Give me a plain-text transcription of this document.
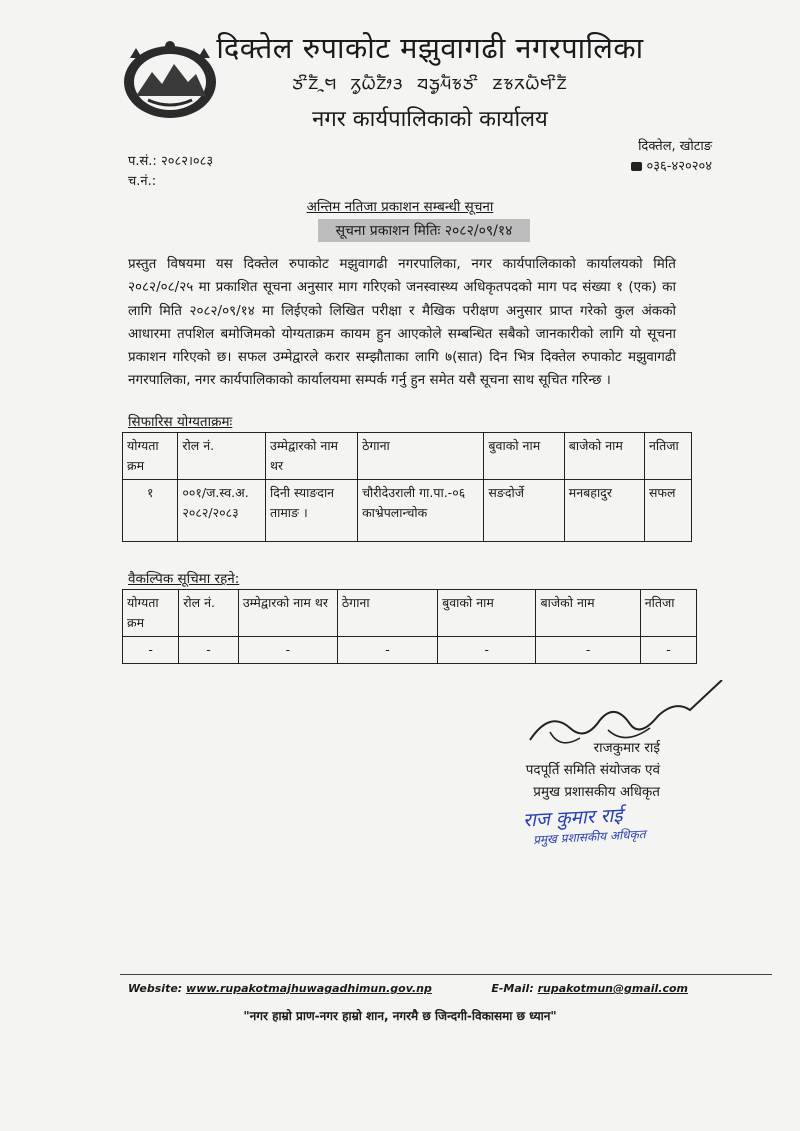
दिक्तेल रुपाकोट मझुवागढी नगरपालिका
ᤍᤡᤁᤠᤳᤗ ᤖᤢᤐᤠᤁᤥᤋ ᤔᤍᤢᤘᤠᤃᤍᤡ ᤏᤃᤖᤐᤠᤗᤡᤁᤠ
नगर कार्यपालिकाको कार्यालय
दिक्तेल, खोटाङ
०३६-४२०२०४
प.सं.: २०८२।०८३
च.नं.:
अन्तिम नतिजा प्रकाशन सम्बन्धी सूचना
सूचना प्रकाशन मितिः २०८२/०९/१४
प्रस्तुत विषयमा यस दिक्तेल रुपाकोट मझुवागढी नगरपालिका, नगर कार्यपालिकाको कार्यालयको मिति २०८२/०८/२५ मा प्रकाशित सूचना अनुसार माग गरिएको जनस्वास्थ्य अधिकृतपदको माग पद संख्या १ (एक) का लागि मिति २०८२/०९/१४ मा लिईएको लिखित परीक्षा र मैखिक परीक्षण अनुसार प्राप्त गरेको कुल अंकको आधारमा तपशिल बमोजिमको योग्यताक्रम कायम हुन आएकोले सम्बन्धित सबैको जानकारीको लागि यो सूचना प्रकाशन गरिएको छ। सफल उम्मेद्वारले करार सम्झौताका लागि ७(सात) दिन भित्र दिक्तेल रुपाकोट मझुवागढी नगरपालिका, नगर कार्यपालिकाको कार्यालयमा सम्पर्क गर्नु हुन समेत यसै सूचना साथ सूचित गरिन्छ ।
सिफारिस योग्यताक्रमः
योग्यता क्रम	रोल नं.	उम्मेद्वारको नाम थर	ठेगाना	बुवाको नाम	बाजेको नाम	नतिजा
१	००१/ज.स्व.अ. २०८२/२०८३	दिनी स्याङदान तामाङ ।	चौरीदेउराली गा.पा.-०६ काभ्रेपलान्चोक	सङदोर्जे	मनबहादुर	सफल
वैकल्पिक सूचिमा रहने:
योग्यता क्रम	रोल नं.	उम्मेद्वारको नाम थर	ठेगाना	बुवाको नाम	बाजेको नाम	नतिजा
-	-	-	-	-	-	-
राजकुमार राई
पदपूर्ति समिति संयोजक एवं
प्रमुख प्रशासकीय अधिकृत
राज कुमार राई
प्रमुख प्रशासकीय अधिकृत
Website: www.rupakotmajhuwagadhimun.gov.np	E-Mail: rupakotmun@gmail.com
"नगर हाम्रो प्राण-नगर हाम्रो शान, नगरमै छ जिन्दगी-विकासमा छ ध्यान"
